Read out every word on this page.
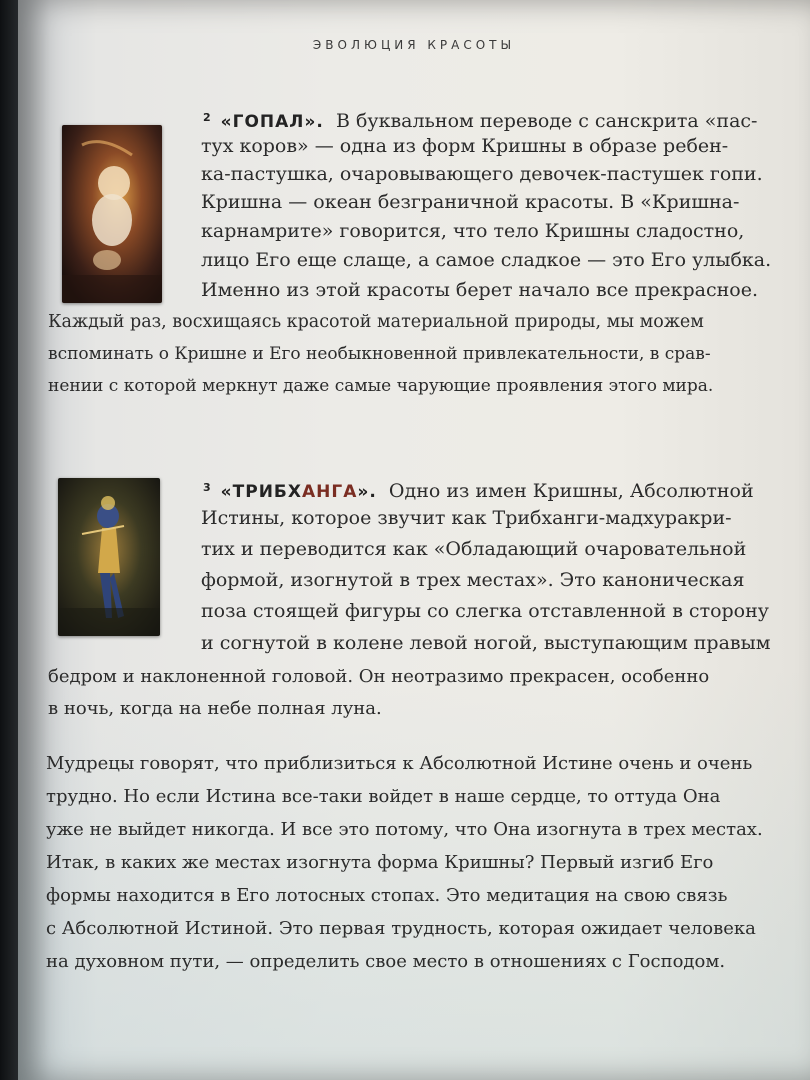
ЭВОЛЮЦИЯ КРАСОТЫ
$^2$ «ГОПАЛ». В буквальном переводе с санскрита «пас-
тух коров» — одна из форм Кришны в образе ребен-
ка-пастушка, очаровывающего девочек-пастушек гопи.
Кришна — океан безграничной красоты. В «Кришна-
карнамрите» говорится, что тело Кришны сладостно,
лицо Его еще слаще, а самое сладкое — это Его улыбка.
Именно из этой красоты берет начало все прекрасное.
Каждый раз, восхищаясь красотой материальной природы, мы можем
вспоминать о Кришне и Его необыкновенной привлекательности, в срав-
нении с которой меркнут даже самые чарующие проявления этого мира.
$^3$ «ТРИБХАНГА». Одно из имен Кришны, Абсолютной
Истины, которое звучит как Трибханги-мадхуракри-
тих и переводится как «Обладающий очаровательной
формой, изогнутой в трех местах». Это каноническая
поза стоящей фигуры со слегка отставленной в сторону
и согнутой в колене левой ногой, выступающим правым
бедром и наклоненной головой. Он неотразимо прекрасен, особенно
в ночь, когда на небе полная луна.
Мудрецы говорят, что приблизиться к Абсолютной Истине очень и очень
трудно. Но если Истина все-таки войдет в наше сердце, то оттуда Она
уже не выйдет никогда. И все это потому, что Она изогнута в трех местах.
Итак, в каких же местах изогнута форма Кришны? Первый изгиб Его
формы находится в Его лотосных стопах. Это медитация на свою связь
с Абсолютной Истиной. Это первая трудность, которая ожидает человека
на духовном пути, — определить свое место в отношениях с Господом.
